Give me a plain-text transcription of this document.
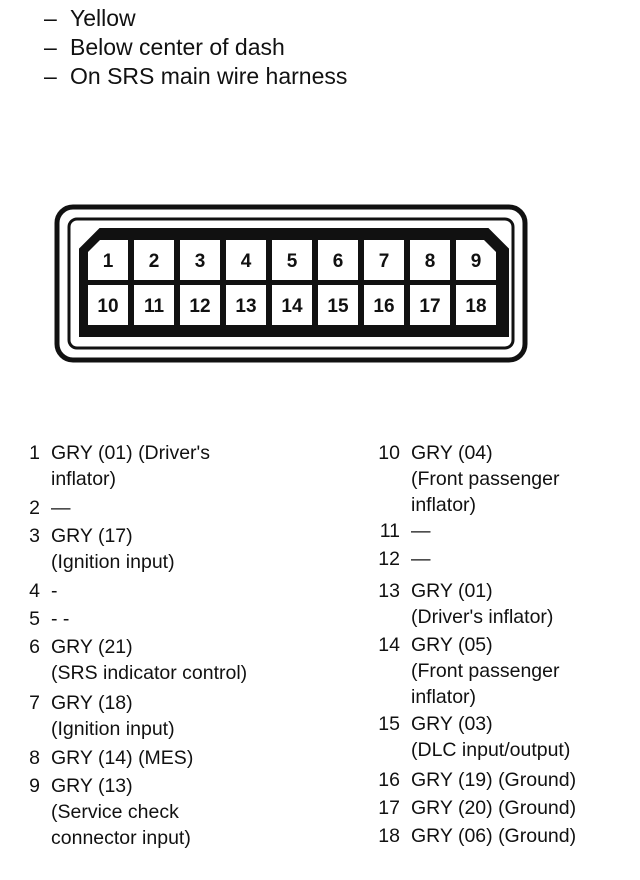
– Yellow
– Below center of dash
– On SRS main wire harness
1 2 3 4 5 6 7 8 9
10 11 12 13 14 15 16 17 18
1 GRY (01) (Driver's
inflator)
2 —
3 GRY (17)
(Ignition input)
4 -
5 - -
6 GRY (21)
(SRS indicator control)
7 GRY (18)
(Ignition input)
8 GRY (14) (MES)
9 GRY (13)
(Service check
connector input)
10 GRY (04)
(Front passenger
inflator)
11 —
12 —
13 GRY (01)
(Driver's inflator)
14 GRY (05)
(Front passenger
inflator)
15 GRY (03)
(DLC input/output)
16 GRY (19) (Ground)
17 GRY (20) (Ground)
18 GRY (06) (Ground)
